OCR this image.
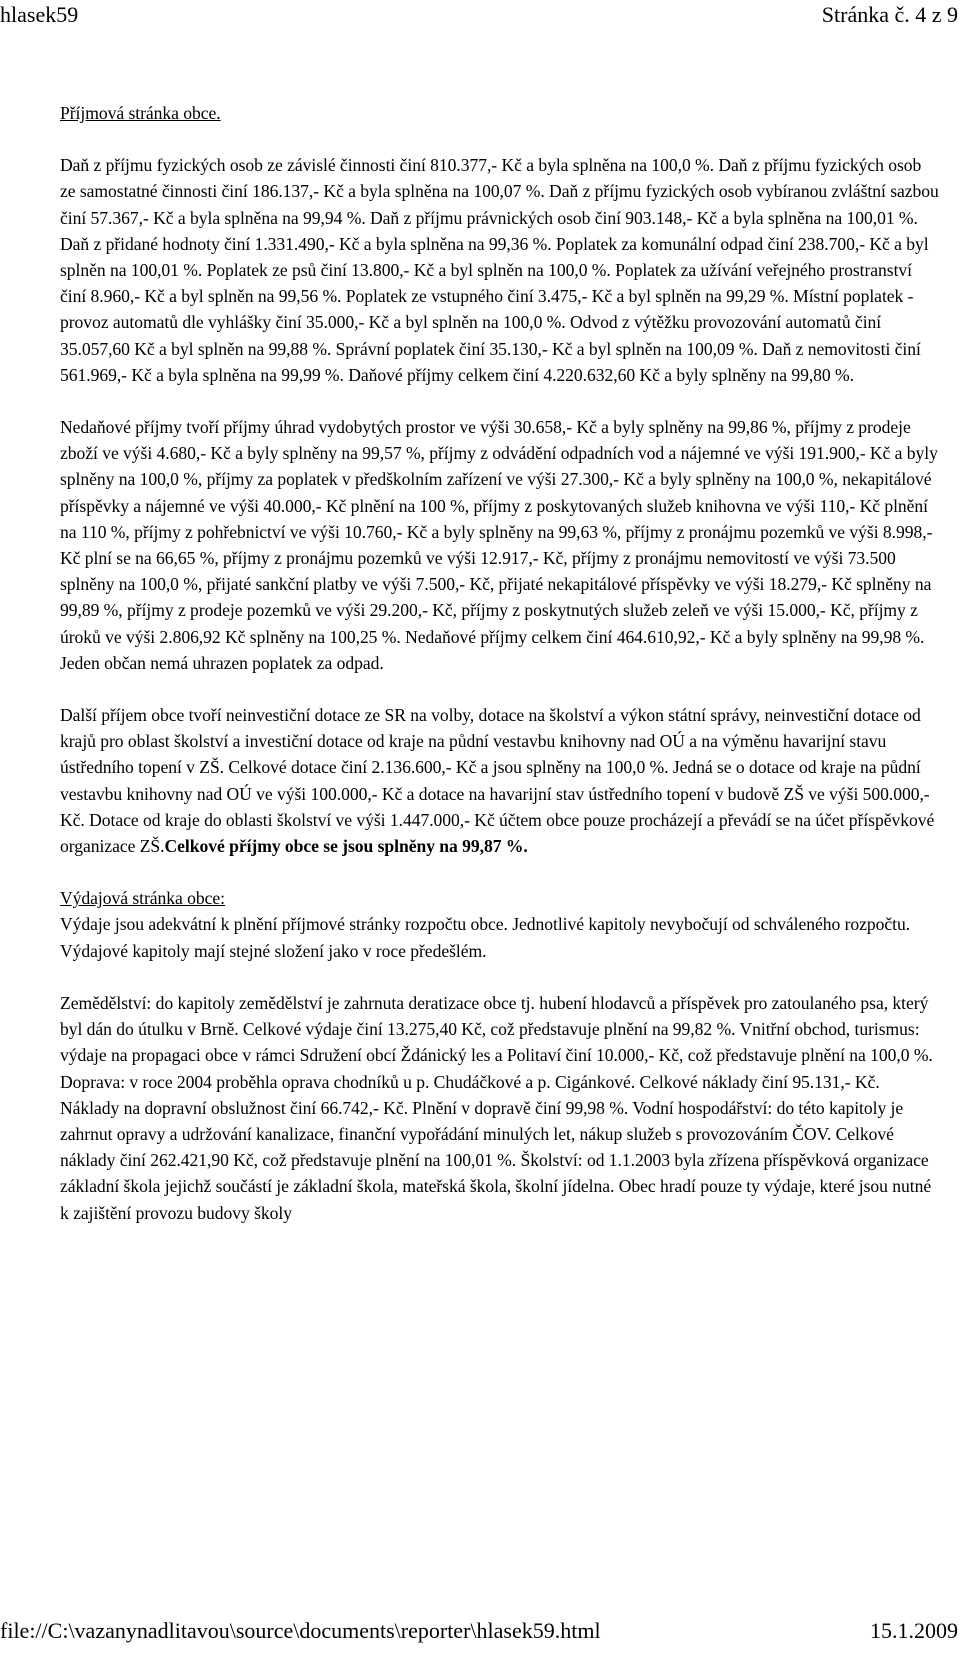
hlasek59	Stránka č. 4 z 9

Příjmová stránka obce.

Daň z příjmu fyzických osob ze závislé činnosti činí 810.377,- Kč a byla splněna na 100,0 %. Daň z příjmu fyzických osob ze samostatné činnosti činí 186.137,- Kč a byla splněna na 100,07 %. Daň z příjmu fyzických osob vybíranou zvláštní sazbou činí 57.367,- Kč a byla splněna na 99,94 %. Daň z příjmu právnických osob činí 903.148,- Kč a byla splněna na 100,01 %. Daň z přidané hodnoty činí 1.331.490,- Kč a byla splněna na 99,36 %. Poplatek za komunální odpad činí 238.700,- Kč a byl splněn na 100,01 %. Poplatek ze psů činí 13.800,- Kč a byl splněn na 100,0 %. Poplatek za užívání veřejného prostranství činí 8.960,- Kč a byl splněn na 99,56 %. Poplatek ze vstupného činí 3.475,- Kč a byl splněn na 99,29 %. Místní poplatek - provoz automatů dle vyhlášky činí 35.000,- Kč a byl splněn na 100,0 %. Odvod z výtěžku provozování automatů činí 35.057,60 Kč a byl splněn na 99,88 %. Správní poplatek činí 35.130,- Kč a byl splněn na 100,09 %. Daň z nemovitosti činí 561.969,- Kč a byla splněna na 99,99 %. Daňové příjmy celkem činí 4.220.632,60 Kč a byly splněny na 99,80 %.

Nedaňové příjmy tvoří příjmy úhrad vydobytých prostor ve výši 30.658,- Kč a byly splněny na 99,86 %, příjmy z prodeje zboží ve výši 4.680,- Kč a byly splněny na 99,57 %, příjmy z odvádění odpadních vod a nájemné ve výši 191.900,- Kč a byly splněny na 100,0 %, příjmy za poplatek v předškolním zařízení ve výši 27.300,- Kč a byly splněny na 100,0 %, nekapitálové příspěvky a nájemné ve výši 40.000,- Kč plnění na 100 %, příjmy z poskytovaných služeb knihovna ve výši 110,- Kč plnění na 110 %, příjmy z pohřebnictví ve výši 10.760,- Kč a byly splněny na 99,63 %, příjmy z pronájmu pozemků ve výši 8.998,- Kč plní se na 66,65 %, příjmy z pronájmu pozemků ve výši 12.917,- Kč, příjmy z pronájmu nemovitostí ve výši 73.500 splněny na 100,0 %, přijaté sankční platby ve výši 7.500,- Kč, přijaté nekapitálové příspěvky ve výši 18.279,- Kč splněny na 99,89 %, příjmy z prodeje pozemků ve výši 29.200,- Kč, příjmy z poskytnutých služeb zeleň ve výši 15.000,- Kč, příjmy z úroků ve výši 2.806,92 Kč splněny na 100,25 %. Nedaňové příjmy celkem činí 464.610,92,- Kč a byly splněny na 99,98 %. Jeden občan nemá uhrazen poplatek za odpad.

Další příjem obce tvoří neinvestiční dotace ze SR na volby, dotace na školství a výkon státní správy, neinvestiční dotace od krajů pro oblast školství a investiční dotace od kraje na půdní vestavbu knihovny nad OÚ a na výměnu havarijní stavu ústředního topení v ZŠ. Celkové dotace činí 2.136.600,- Kč a jsou splněny na 100,0 %. Jedná se o dotace od kraje na půdní vestavbu knihovny nad OÚ ve výši 100.000,- Kč a dotace na havarijní stav ústředního topení v budově ZŠ ve výši 500.000,- Kč. Dotace od kraje do oblasti školství ve výši 1.447.000,- Kč účtem obce pouze procházejí a převádí se na účet příspěvkové organizace ZŠ.Celkové příjmy obce se jsou splněny na 99,87 %.

Výdajová stránka obce:

Výdaje jsou adekvátní k plnění příjmové stránky rozpočtu obce. Jednotlivé kapitoly nevybočují od schváleného rozpočtu. Výdajové kapitoly mají stejné složení jako v roce předešlém.

Zemědělství: do kapitoly zemědělství je zahrnuta deratizace obce tj. hubení hlodavců a příspěvek pro zatoulaného psa, který byl dán do útulku v Brně. Celkové výdaje činí 13.275,40 Kč, což představuje plnění na 99,82 %. Vnitřní obchod, turismus: výdaje na propagaci obce v rámci Sdružení obcí Ždánický les a Politaví činí 10.000,- Kč, což představuje plnění na 100,0 %. Doprava: v roce 2004 proběhla oprava chodníků u p. Chudáčkové a p. Cigánkové. Celkové náklady činí 95.131,- Kč. Náklady na dopravní obslužnost činí 66.742,- Kč. Plnění v dopravě činí 99,98 %. Vodní hospodářství: do této kapitoly je zahrnut opravy a udržování kanalizace, finanční vypořádání minulých let, nákup služeb s provozováním ČOV. Celkové náklady činí 262.421,90 Kč, což představuje plnění na 100,01 %. Školství: od 1.1.2003 byla zřízena příspěvková organizace základní škola jejichž součástí je základní škola, mateřská škola, školní jídelna. Obec hradí pouze ty výdaje, které jsou nutné k zajištění provozu budovy školy

file://C:\vazanynadlitavou\source\documents\reporter\hlasek59.html	15.1.2009
